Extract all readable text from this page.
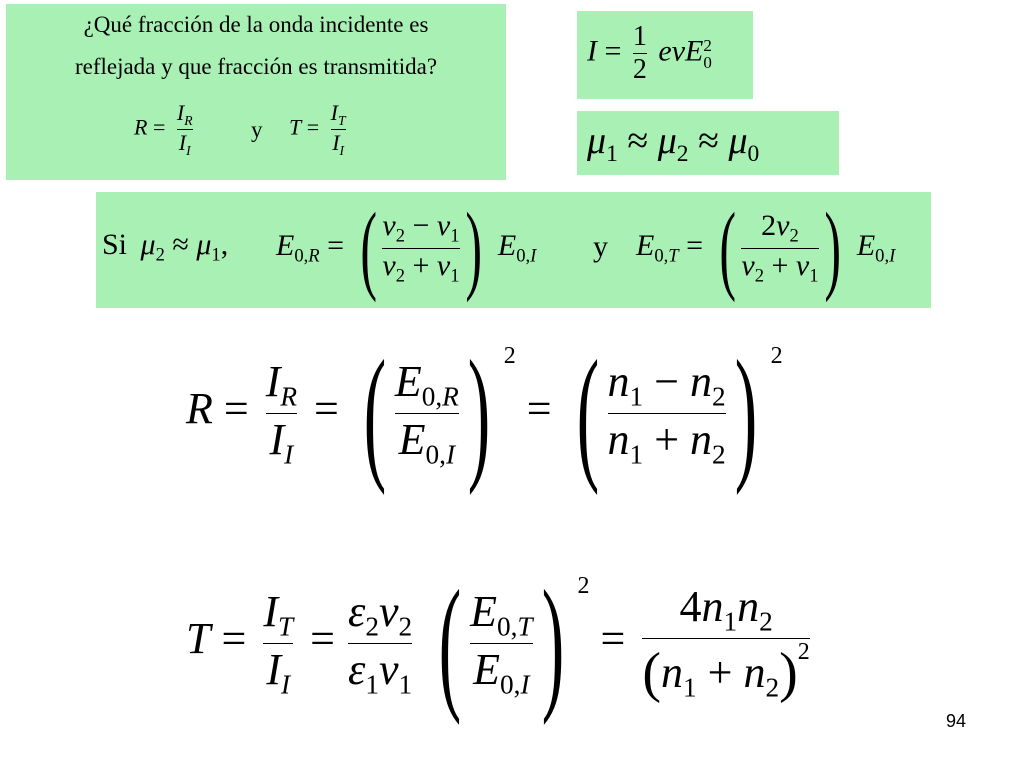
¿Qué fracción de la onda incidente es
reflejada y que fracción es transmitida?
$R = \frac{I_R}{I_I}$	y $T = \frac{I_T}{I_I}$
$I = \frac{1}{2}$ evE 2
0
$\mu_1 \approx \mu_2 \approx \mu_0$
Si $\mu_2 \approx \mu_1$, $E_{0,R}$ = ( $\frac{v_2 - v_1}{v_2 + v_1}$ ) $E_{0,I}$ y $E_{0,T}$ = ( $\frac{2v_2}{v_2 + v_1}$ ) $E_{0,I}$
$R = \frac{I_R}{I_I}$ = ( $\frac{E_{0,R}}{E_{0,I}}$ ) $^2$ = ( $\frac{n_1 - n_2}{n_1 + n_2}$ ) $^2$
$T = \frac{I_T}{I_I} = \frac{\varepsilon_2v_2}{\varepsilon_1v_1}$ ( $\frac{E_{0,T}}{E_{0,I}}$ ) $^2 = \frac{4n_1n_2}{(n_1 + n_2)^2}$
94
